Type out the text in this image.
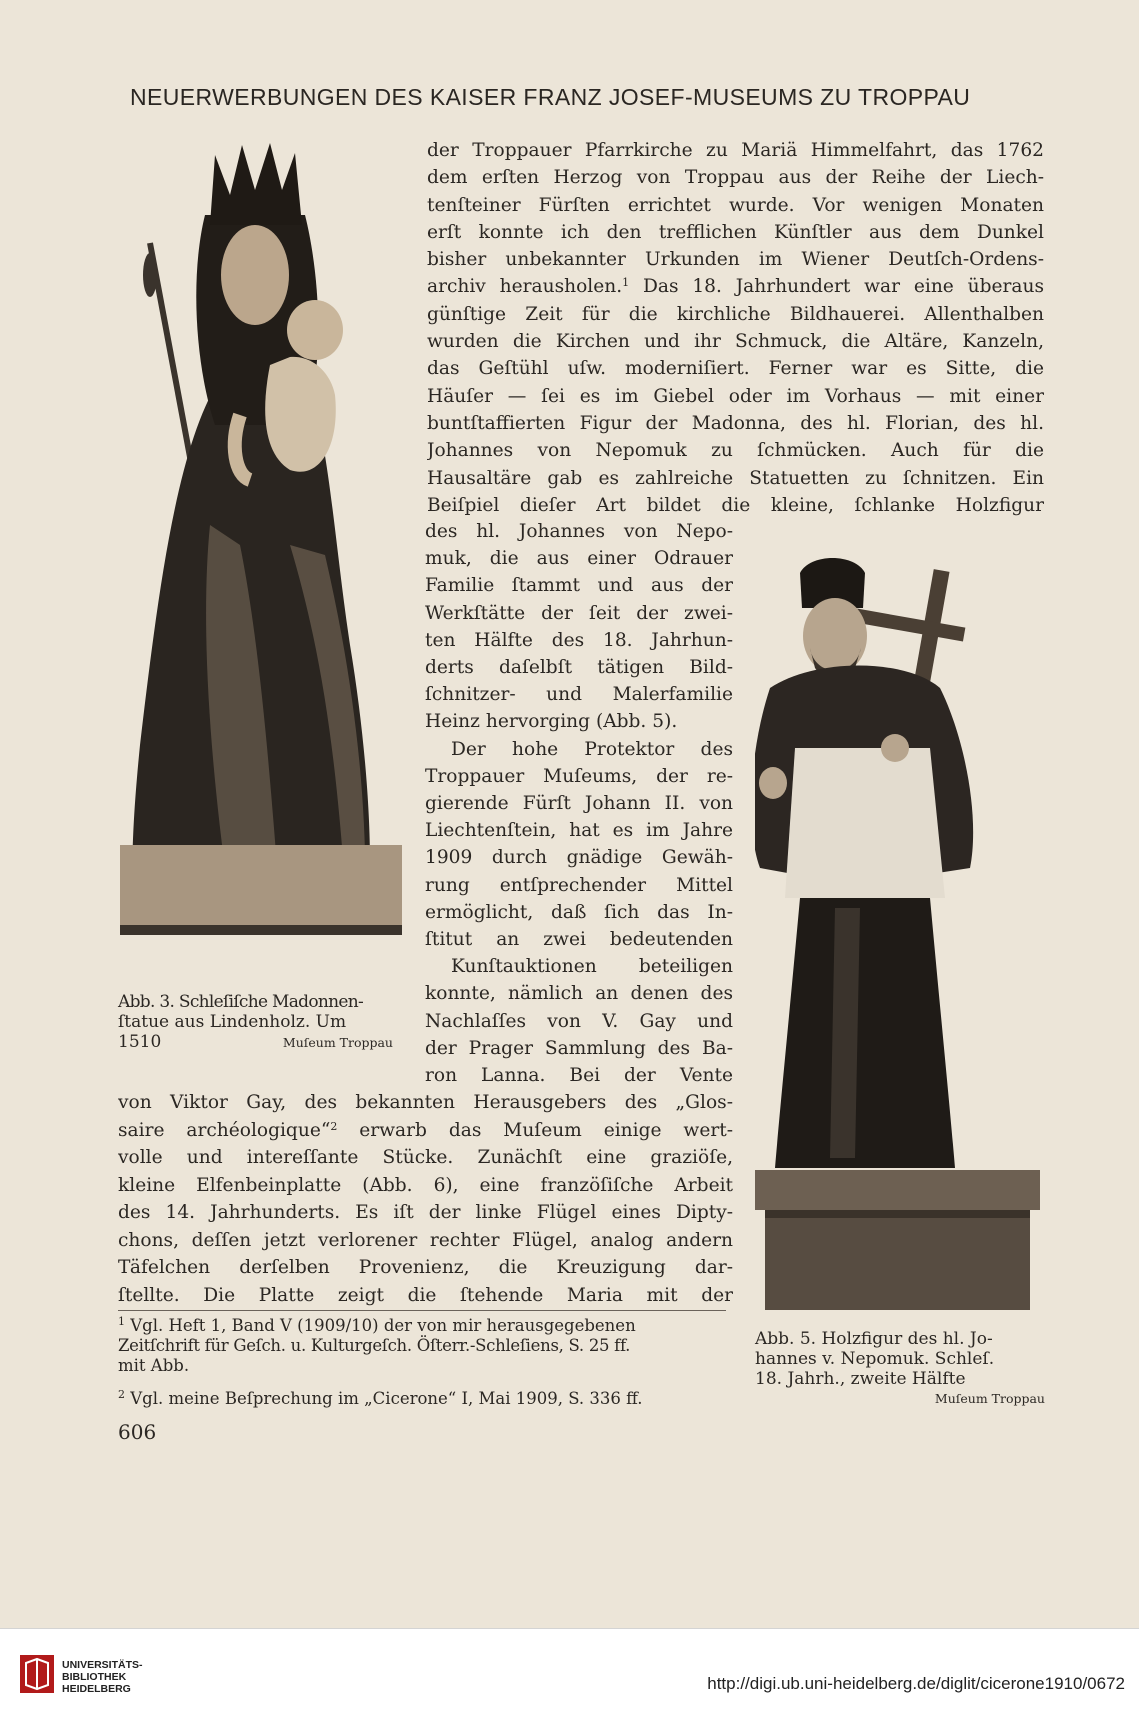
NEUERWERBUNGEN DES KAISER FRANZ JOSEF-MUSEUMS ZU TROPPAU
Abb. 3. Schleſiſche Madonnen-
ſtatue aus Lindenholz. Um
1510	Muſeum Troppau
der Troppauer Pfarrkirche zu Mariä Himmelfahrt, das 1762
dem erſten Herzog von Troppau aus der Reihe der Liech-
tenſteiner Fürſten errichtet wurde. Vor wenigen Monaten
erſt konnte ich den trefflichen Künſtler aus dem Dunkel
bisher unbekannter Urkunden im Wiener Deutſch-Ordens-
archiv herausholen.$^1$ Das 18. Jahrhundert war eine überaus
günſtige Zeit für die kirchliche Bildhauerei. Allenthalben
wurden die Kirchen und ihr Schmuck, die Altäre, Kanzeln,
das Geſtühl uſw. moderniſiert. Ferner war es Sitte, die
Häuſer — ſei es im Giebel oder im Vorhaus — mit einer
buntſtaffierten Figur der Madonna, des hl. Florian, des hl.
Johannes von Nepomuk zu ſchmücken. Auch für die
Hausaltäre gab es zahlreiche Statuetten zu ſchnitzen. Ein
Beiſpiel dieſer Art bildet die kleine, ſchlanke Holzfigur
des hl. Johannes von Nepo-
muk, die aus einer Odrauer
Familie ſtammt und aus der
Werkſtätte der ſeit der zwei-
ten Hälfte des 18. Jahrhun-
derts daſelbſt tätigen Bild-
ſchnitzer- und Malerfamilie
Heinz hervorging (Abb. 5).
Der hohe Protektor des
Troppauer Muſeums, der re-
gierende Fürſt Johann II. von
Liechtenſtein, hat es im Jahre
1909 durch gnädige Gewäh-
rung entſprechender Mittel
ermöglicht, daß ſich das In-
ſtitut an zwei bedeutenden
Kunſtauktionen beteiligen
konnte, nämlich an denen des
Nachlaſſes von V. Gay und
der Prager Sammlung des Ba-
ron Lanna. Bei der Vente
von Viktor Gay, des bekannten Herausgebers des „Glos-
saire archéologique“$^2$ erwarb das Muſeum einige wert-
volle und intereſſante Stücke. Zunächſt eine graziöſe,
kleine Elfenbeinplatte (Abb. 6), eine franzöſiſche Arbeit
des 14. Jahrhunderts. Es iſt der linke Flügel eines Dipty-
chons, deſſen jetzt verlorener rechter Flügel, analog andern
Täfelchen derſelben Provenienz, die Kreuzigung dar-
ſtellte. Die Platte zeigt die ſtehende Maria mit der
Abb. 5. Holzfigur des hl. Jo-
hannes v. Nepomuk. Schleſ.
18. Jahrh., zweite Hälfte
Muſeum Troppau
$^1$ Vgl. Heft 1, Band V (1909/10) der von mir herausgegebenen
Zeitſchrift für Geſch. u. Kulturgeſch. Öſterr.-Schleſiens, S. 25 ff.
mit Abb.
$^2$ Vgl. meine Beſprechung im „Cicerone“ I, Mai 1909, S. 336 ff.
606
UNIVERSITÄTS-
BIBLIOTHEK
HEIDELBERG	http://digi.ub.uni-heidelberg.de/diglit/cicerone1910/0672
